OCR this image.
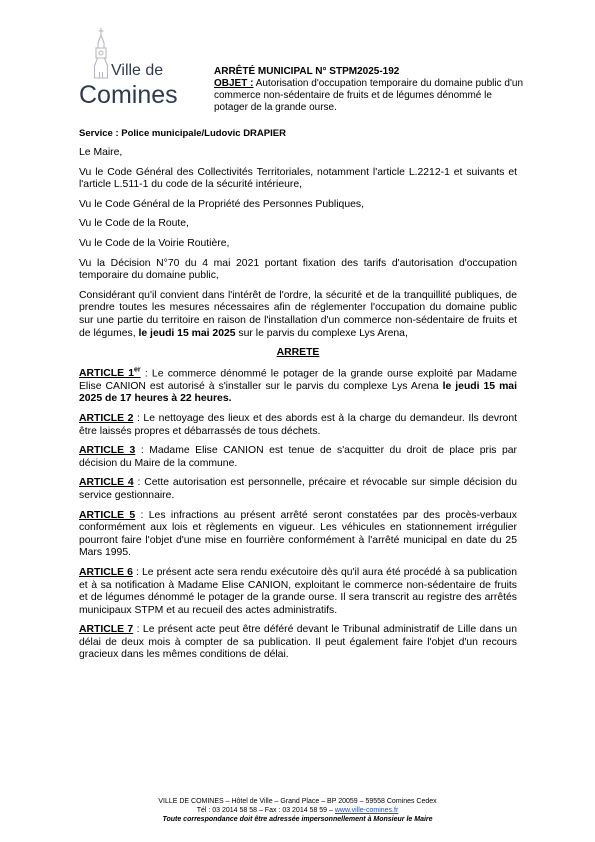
Ville de
Comines
ARRÊTÉ MUNICIPAL N° STPM2025-192
OBJET : Autorisation d'occupation temporaire du domaine public d'un commerce non-sédentaire de fruits et de légumes dénommé le potager de la grande ourse.
Service : Police municipale/Ludovic DRAPIER

Le Maire,

Vu le Code Général des Collectivités Territoriales, notamment l'article L.2212-1 et suivants et l'article L.511-1 du code de la sécurité intérieure,

Vu le Code Général de la Propriété des Personnes Publiques,

Vu le Code de la Route,

Vu le Code de la Voirie Routière,

Vu la Décision N°70 du 4 mai 2021 portant fixation des tarifs d'autorisation d'occupation temporaire du domaine public,

Considérant qu'il convient dans l'intérêt de l'ordre, la sécurité et de la tranquillité publiques, de prendre toutes les mesures nécessaires afin de réglementer l'occupation du domaine public sur une partie du territoire en raison de l'installation d'un commerce non-sédentaire de fruits et de légumes, le jeudi 15 mai 2025 sur le parvis du complexe Lys Arena,

ARRETE

ARTICLE 1er : Le commerce dénommé le potager de la grande ourse exploité par Madame Elise CANION est autorisé à s'installer sur le parvis du complexe Lys Arena le jeudi 15 mai 2025 de 17 heures à 22 heures.

ARTICLE 2 : Le nettoyage des lieux et des abords est à la charge du demandeur. Ils devront être laissés propres et débarrassés de tous déchets.

ARTICLE 3 : Madame Elise CANION est tenue de s'acquitter du droit de place pris par décision du Maire de la commune.

ARTICLE 4 : Cette autorisation est personnelle, précaire et révocable sur simple décision du service gestionnaire.

ARTICLE 5 : Les infractions au présent arrêté seront constatées par des procès-verbaux conformément aux lois et règlements en vigueur. Les véhicules en stationnement irrégulier pourront faire l'objet d'une mise en fourrière conformément à l'arrêté municipal en date du 25 Mars 1995.

ARTICLE 6 : Le présent acte sera rendu exécutoire dès qu'il aura été procédé à sa publication et à sa notification à Madame Elise CANION, exploitant le commerce non-sédentaire de fruits et de légumes dénommé le potager de la grande ourse. Il sera transcrit au registre des arrêtés municipaux STPM et au recueil des actes administratifs.

ARTICLE 7 : Le présent acte peut être déféré devant le Tribunal administratif de Lille dans un délai de deux mois à compter de sa publication. Il peut également faire l'objet d'un recours gracieux dans les mêmes conditions de délai.

VILLE DE COMINES – Hôtel de Ville – Grand Place – BP 20059 – 59558 Comines Cedex
Tél : 03 2014 58 58 – Fax : 03 2014 58 59 – www.ville-comines.fr
Toute correspondance doit être adressée impersonnellement à Monsieur le Maire
